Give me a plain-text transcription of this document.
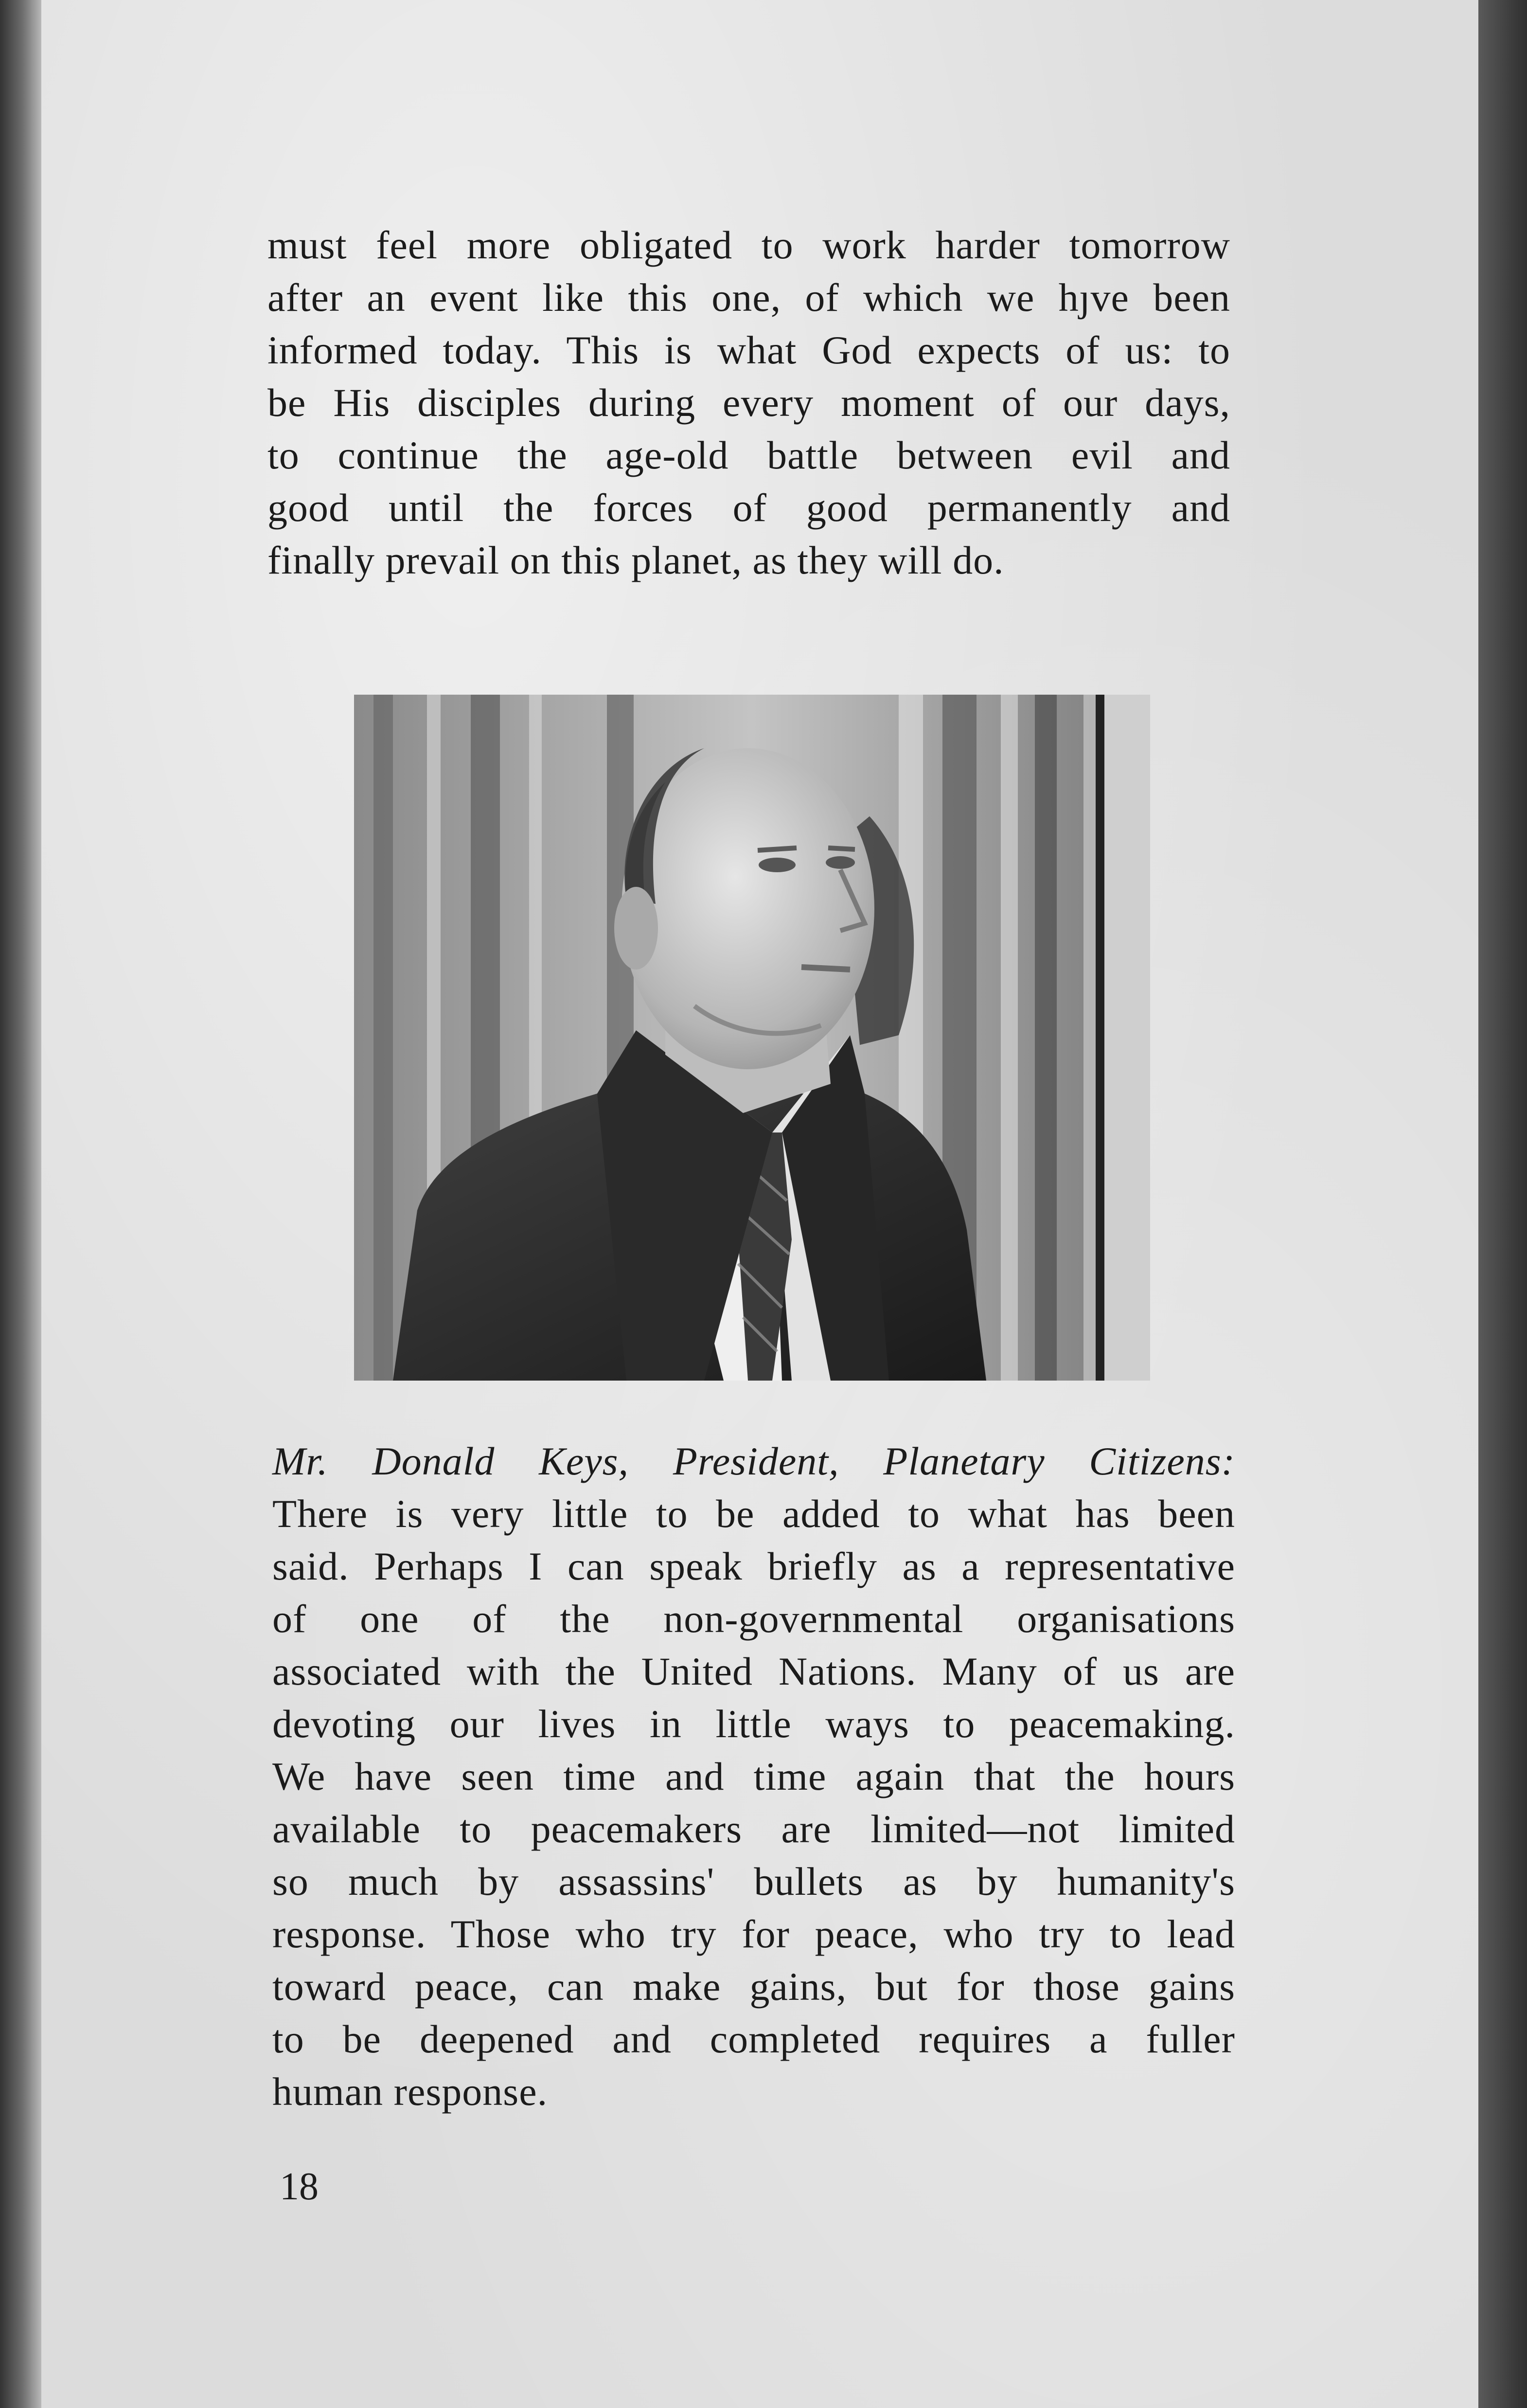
must feel more obligated to work harder tomorrow
after an event like this one, of which we hȷve been
informed today. This is what God expects of us: to
be His disciples during every moment of our days,
to continue the age-old battle between evil and
good until the forces of good permanently and
finally prevail on this planet, as they will do.
Mr. Donald Keys, President, Planetary Citizens:
There is very little to be added to what has been
said. Perhaps I can speak briefly as a representative
of one of the non-governmental organisations
associated with the United Nations. Many of us are
devoting our lives in little ways to peacemaking.
We have seen time and time again that the hours
available to peacemakers are limited—not limited
so much by assassins' bullets as by humanity's
response. Those who try for peace, who try to lead
toward peace, can make gains, but for those gains
to be deepened and completed requires a fuller
human response.
18
